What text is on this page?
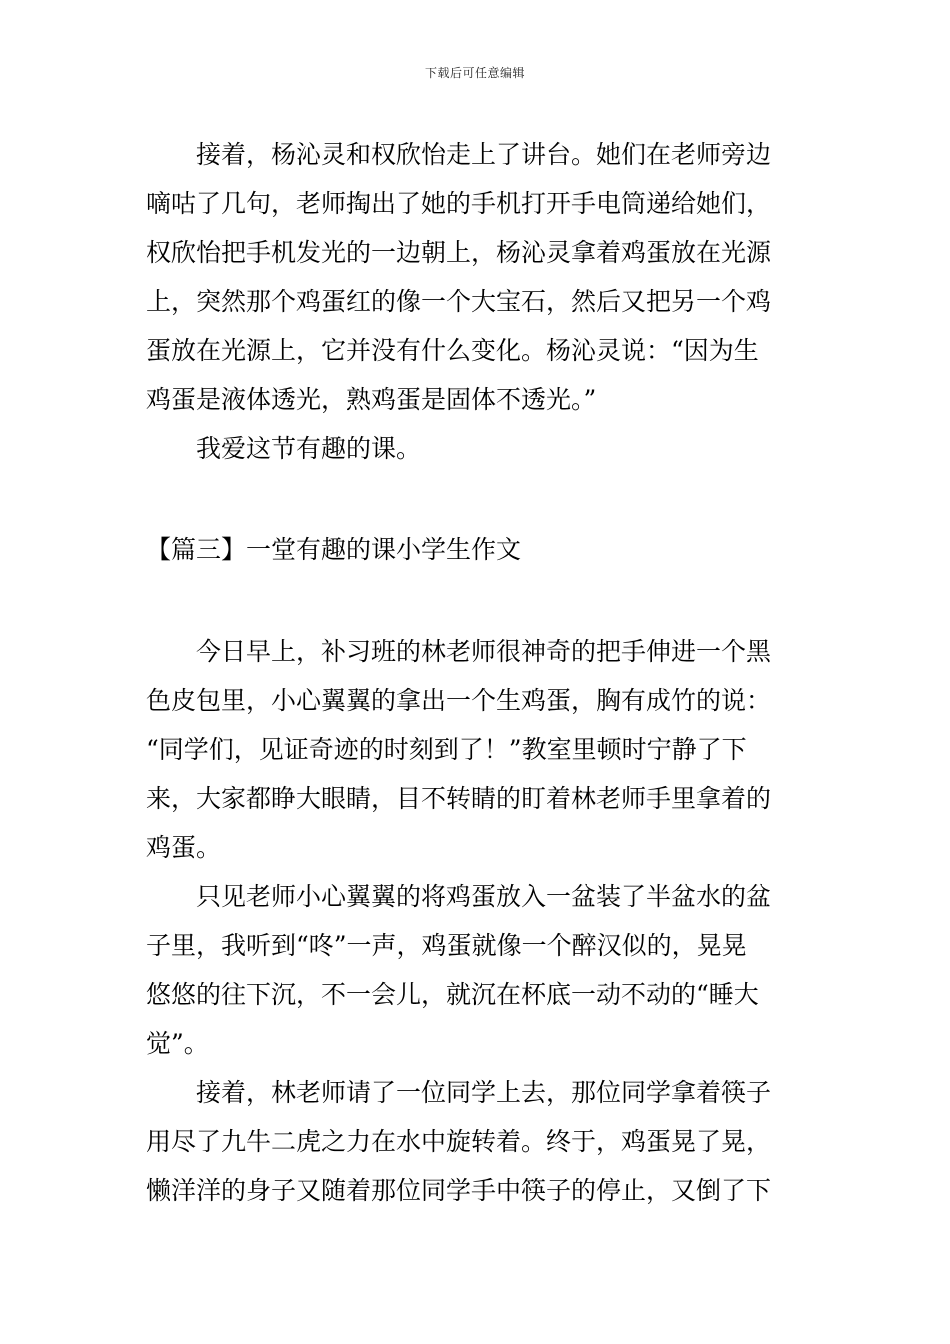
下载后可任意编辑

接着，杨沁灵和权欣怡走上了讲台。她们在老师旁边
嘀咕了几句，老师掏出了她的手机打开手电筒递给她们，
权欣怡把手机发光的一边朝上，杨沁灵拿着鸡蛋放在光源
上，突然那个鸡蛋红的像一个大宝石，然后又把另一个鸡
蛋放在光源上，它并没有什么变化。杨沁灵说：“因为生
鸡蛋是液体透光，熟鸡蛋是固体不透光。”

我爱这节有趣的课。

【篇三】一堂有趣的课小学生作文

今日早上，补习班的林老师很神奇的把手伸进一个黑
色皮包里，小心翼翼的拿出一个生鸡蛋，胸有成竹的说：
“同学们，见证奇迹的时刻到了！”教室里顿时宁静了下
来，大家都睁大眼睛，目不转睛的盯着林老师手里拿着的
鸡蛋。

只见老师小心翼翼的将鸡蛋放入一盆装了半盆水的盆
子里，我听到“咚”一声，鸡蛋就像一个醉汉似的，晃晃
悠悠的往下沉，不一会儿，就沉在杯底一动不动的“睡大
觉”。

接着，林老师请了一位同学上去，那位同学拿着筷子
用尽了九牛二虎之力在水中旋转着。终于，鸡蛋晃了晃，
懒洋洋的身子又随着那位同学手中筷子的停止，又倒了下
